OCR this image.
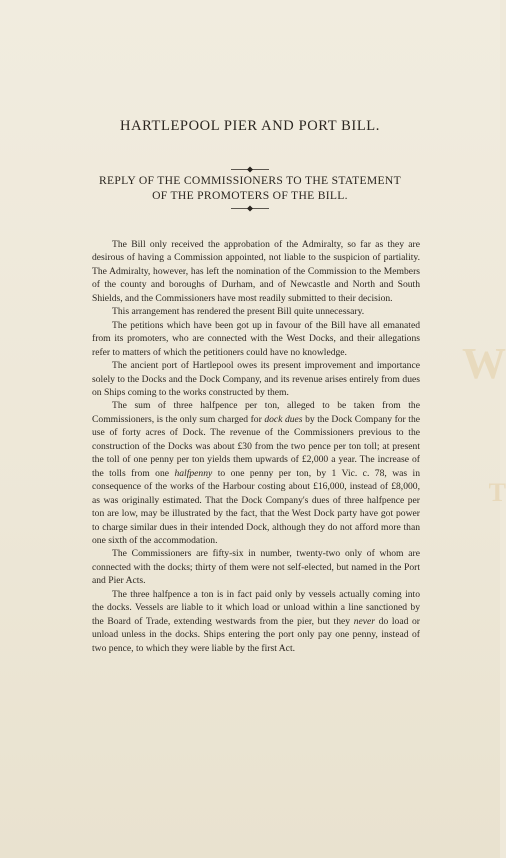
W
T
HARTLEPOOL PIER AND PORT BILL.
REPLY OF THE COMMISSIONERS TO THE STATEMENT
OF THE PROMOTERS OF THE BILL.

The Bill only received the approbation of the Admiralty, so far as they are desirous of having a Commission appointed, not liable to the suspicion of partiality. The Admiralty, however, has left the nomination of the Commission to the Members of the county and boroughs of Durham, and of Newcastle and North and South Shields, and the Commissioners have most readily submitted to their decision.

This arrangement has rendered the present Bill quite unnecessary.

The petitions which have been got up in favour of the Bill have all emanated from its promoters, who are connected with the West Docks, and their allegations refer to matters of which the petitioners could have no knowledge.

The ancient port of Hartlepool owes its present improvement and importance solely to the Docks and the Dock Company, and its revenue arises entirely from dues on Ships coming to the works constructed by them.

The sum of three halfpence per ton, alleged to be taken from the Commissioners, is the only sum charged for dock dues by the Dock Company for the use of forty acres of Dock. The revenue of the Commissioners previous to the construction of the Docks was about £30 from the two pence per ton toll; at present the toll of one penny per ton yields them upwards of £2,000 a year. The increase of the tolls from one halfpenny to one penny per ton, by 1 Vic. c. 78, was in consequence of the works of the Harbour costing about £16,000, instead of £8,000, as was originally estimated. That the Dock Company's dues of three halfpence per ton are low, may be illustrated by the fact, that the West Dock party have got power to charge similar dues in their intended Dock, although they do not afford more than one sixth of the accommodation.

The Commissioners are fifty-six in number, twenty-two only of whom are connected with the docks; thirty of them were not self-elected, but named in the Port and Pier Acts.

The three halfpence a ton is in fact paid only by vessels actually coming into the docks. Vessels are liable to it which load or unload within a line sanctioned by the Board of Trade, extending westwards from the pier, but they never do load or unload unless in the docks. Ships entering the port only pay one penny, instead of two pence, to which they were liable by the first Act.
